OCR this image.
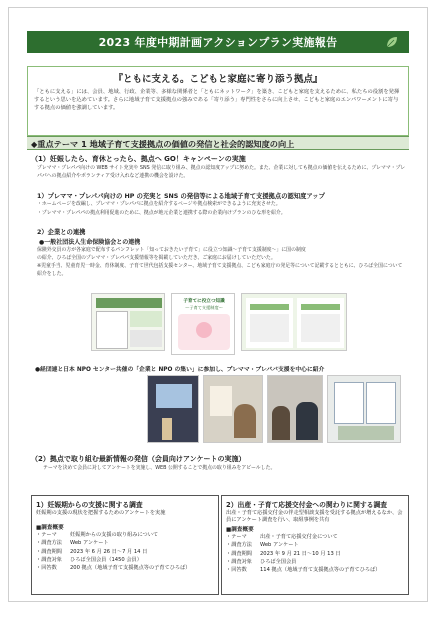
2023 年度中期計画アクションプラン実施報告
『ともに支える。こどもと家庭に寄り添う拠点』
「ともに支える」には、会員、地域、行政、企業等、多様な関係者と「ともにネットワーク」を築き、こどもと家庭を支えるために、私たちの役割を発揮するという思いを込めています。さらに地域子育て支援拠点の強みである「寄り添う」専門性をさらに向上させ、こどもと家庭のエンパワーメントに寄与する拠点の価値を強調しています。
◆重点テーマ 1 地域子育て支援拠点の価値の発信と社会的認知度の向上
（1）妊娠したら、育休とったら、拠点へ GO！キャンペーンの実施
プレママ・プレパパ向けの WEB サイト充実や SNS 発信に取り組み、拠点の認知度アップに努めた。また、企業に対しても拠点の価値を伝えるために、プレママ・プレパパへの拠点紹介やボランティア受け入れなど連携の機会を設けた。
1）プレママ・プレパパ向けの HP の充実と SNS の発信等による地域子育て支援拠点の認知度アップ
・ホームページを改編し、プレママ・プレパパに拠点を紹介するページや拠点検索ができるように充実させた。
・プレママ・プレパパの拠点利用促進のために、拠点が地元企業と連携する際の企業向けプランのひな形を紹介。
2）企業との連携
●一般社団法人生命保険協会との連携
保険外交員の方が各家庭で配布するパンフレット「知っておきたい子育て」に役立つ知識～子育て支援制度～」に国の制度
の紹介、ひろば全国のプレママ・プレパパ支援情報等を掲載していただき、ご家庭にお届けしていただいた。
※児童手当、児童育児一時金、育休制度、子育て世代包括支援センター、地域子育て支援拠点、こども家庭庁の発足等について記載するとともに、ひろば全国について紹介をした。
子育てに役立つ知識
～子育て支援制度～
●経団連と日本 NPO センター共催の「企業と NPO の集い」に参加し、プレママ・プレパパ支援を中心に紹介
（2）拠点で取り組む最新情報の発信（会員向けアンケートの実施）
テーマを決めて会員に対してアンケートを実施し、WEB 公開することで拠点の取り組みをアピールした。
1）妊娠期からの支援に関する調査
妊娠期の支援の現状を把握するためのアンケートを実施
■調査概要
・テーマ	妊娠期からの支援の取り組みについて
・調査方法	Web アンケート
・調査期間	2023 年 6 月 26 日～7 月 14 日
・調査対象	ひろば全国会員（1450 会員）
・回答数	200 拠点（地域子育て支援拠点等の子育てひろば）
2）出産・子育て応援交付金への関わりに関する調査
出産・子育て応援交付金の伴走型相談支援を受託する拠点が増えるなか、会員にアンケート調査を行い、取組事例を共有
■調査概要
・テーマ	出産・子育て応援交付金について
・調査方法	Web アンケート
・調査期間	2023 年 9 月 21 日～10 月 13 日
・調査対象	ひろば全国会員
・回答数	114 拠点（地域子育て支援拠点等の子育てひろば）
